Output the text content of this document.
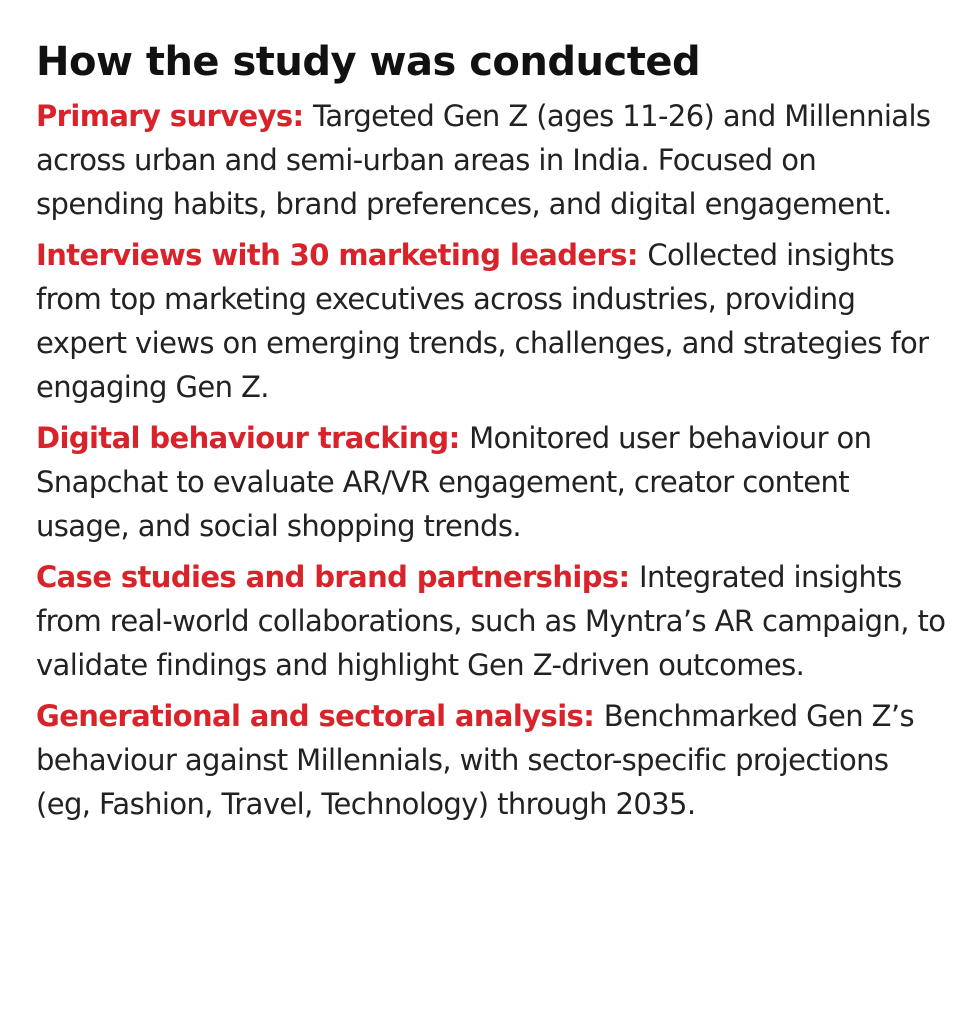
How the study was conducted

Primary surveys: Targeted Gen Z (ages 11-26) and Millennials across urban and semi-urban areas in India. Focused on spending habits, brand preferences, and digital engagement.

Interviews with 30 marketing leaders: Collected insights from top marketing executives across industries, providing expert views on emerging trends, challenges, and strategies for engaging Gen Z.

Digital behaviour tracking: Monitored user behaviour on Snapchat to evaluate AR/VR engagement, creator content usage, and social shopping trends.

Case studies and brand partnerships: Integrated insights from real-world collaborations, such as Myntra’s AR campaign, to validate findings and highlight Gen Z-driven outcomes.

Generational and sectoral analysis: Benchmarked Gen Z’s behaviour against Millennials, with sector-specific projections (eg, Fashion, Travel, Technology) through 2035.
